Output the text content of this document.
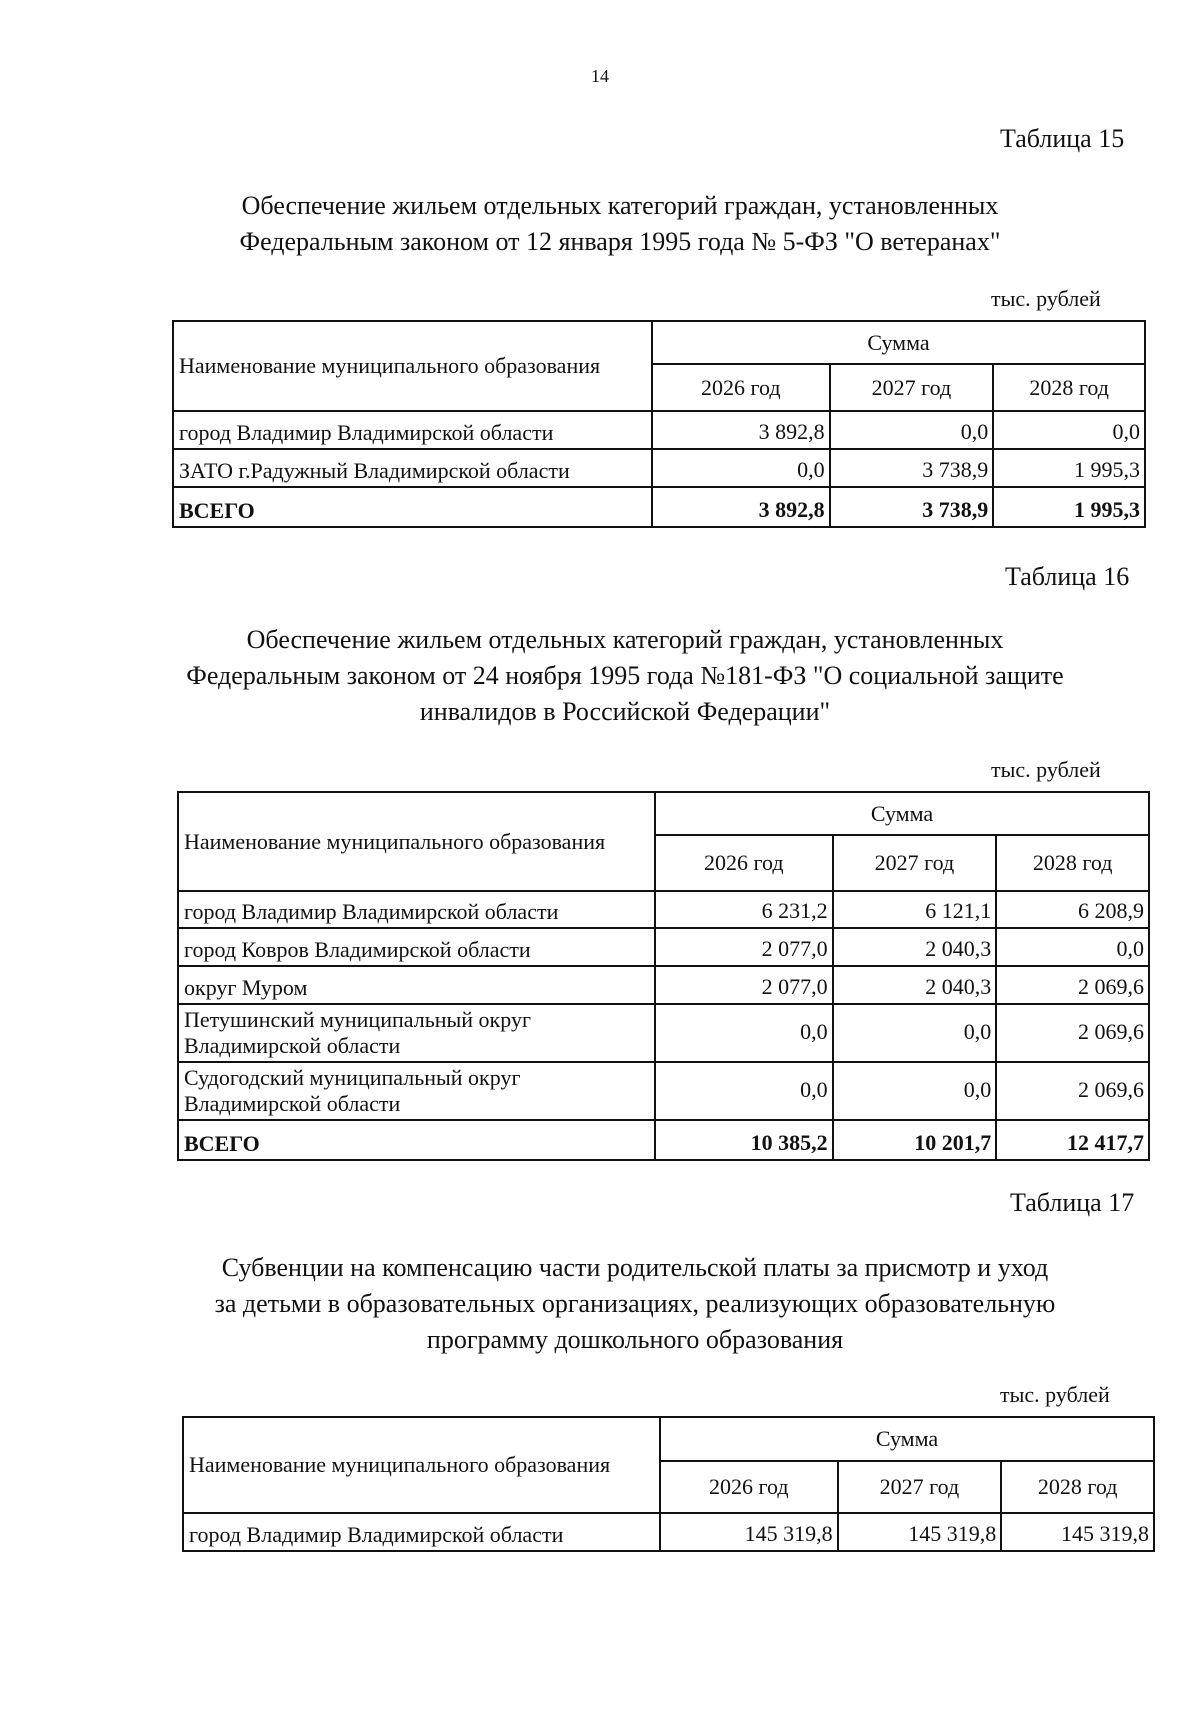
14
Таблица 15
Обеспечение жильем отдельных категорий граждан, установленных
Федеральным законом от 12 января 1995 года № 5-ФЗ "О ветеранах"
тыс. рублей
Наименование муниципального образования	Сумма		
	2026 год	2027 год	2028 год
город Владимир Владимирской области	3 892,8	0,0	0,0
ЗАТО г.Радужный Владимирской области	0,0	3 738,9	1 995,3
ВСЕГО	3 892,8	3 738,9	1 995,3
Таблица 16
Обеспечение жильем отдельных категорий граждан, установленных
Федеральным законом от 24 ноября 1995 года №181-ФЗ "О социальной защите
инвалидов в Российской Федерации"
тыс. рублей
Наименование муниципального образования	Сумма		
	2026 год	2027 год	2028 год
город Владимир Владимирской области	6 231,2	6 121,1	6 208,9
город Ковров Владимирской области	2 077,0	2 040,3	0,0
округ Муром	2 077,0	2 040,3	2 069,6

Петушинский муниципальный округ
Владимирской области	0,0	0,0	2 069,6

Судогодский муниципальный округ
Владимирской области	0,0	0,0	2 069,6
ВСЕГО	10 385,2	10 201,7	12 417,7
Таблица 17
Субвенции на компенсацию части родительской платы за присмотр и уход
за детьми в образовательных организациях, реализующих образовательную
программу дошкольного образования
тыс. рублей
Наименование муниципального образования	Сумма		
	2026 год	2027 год	2028 год
город Владимир Владимирской области	145 319,8	145 319,8	145 319,8
